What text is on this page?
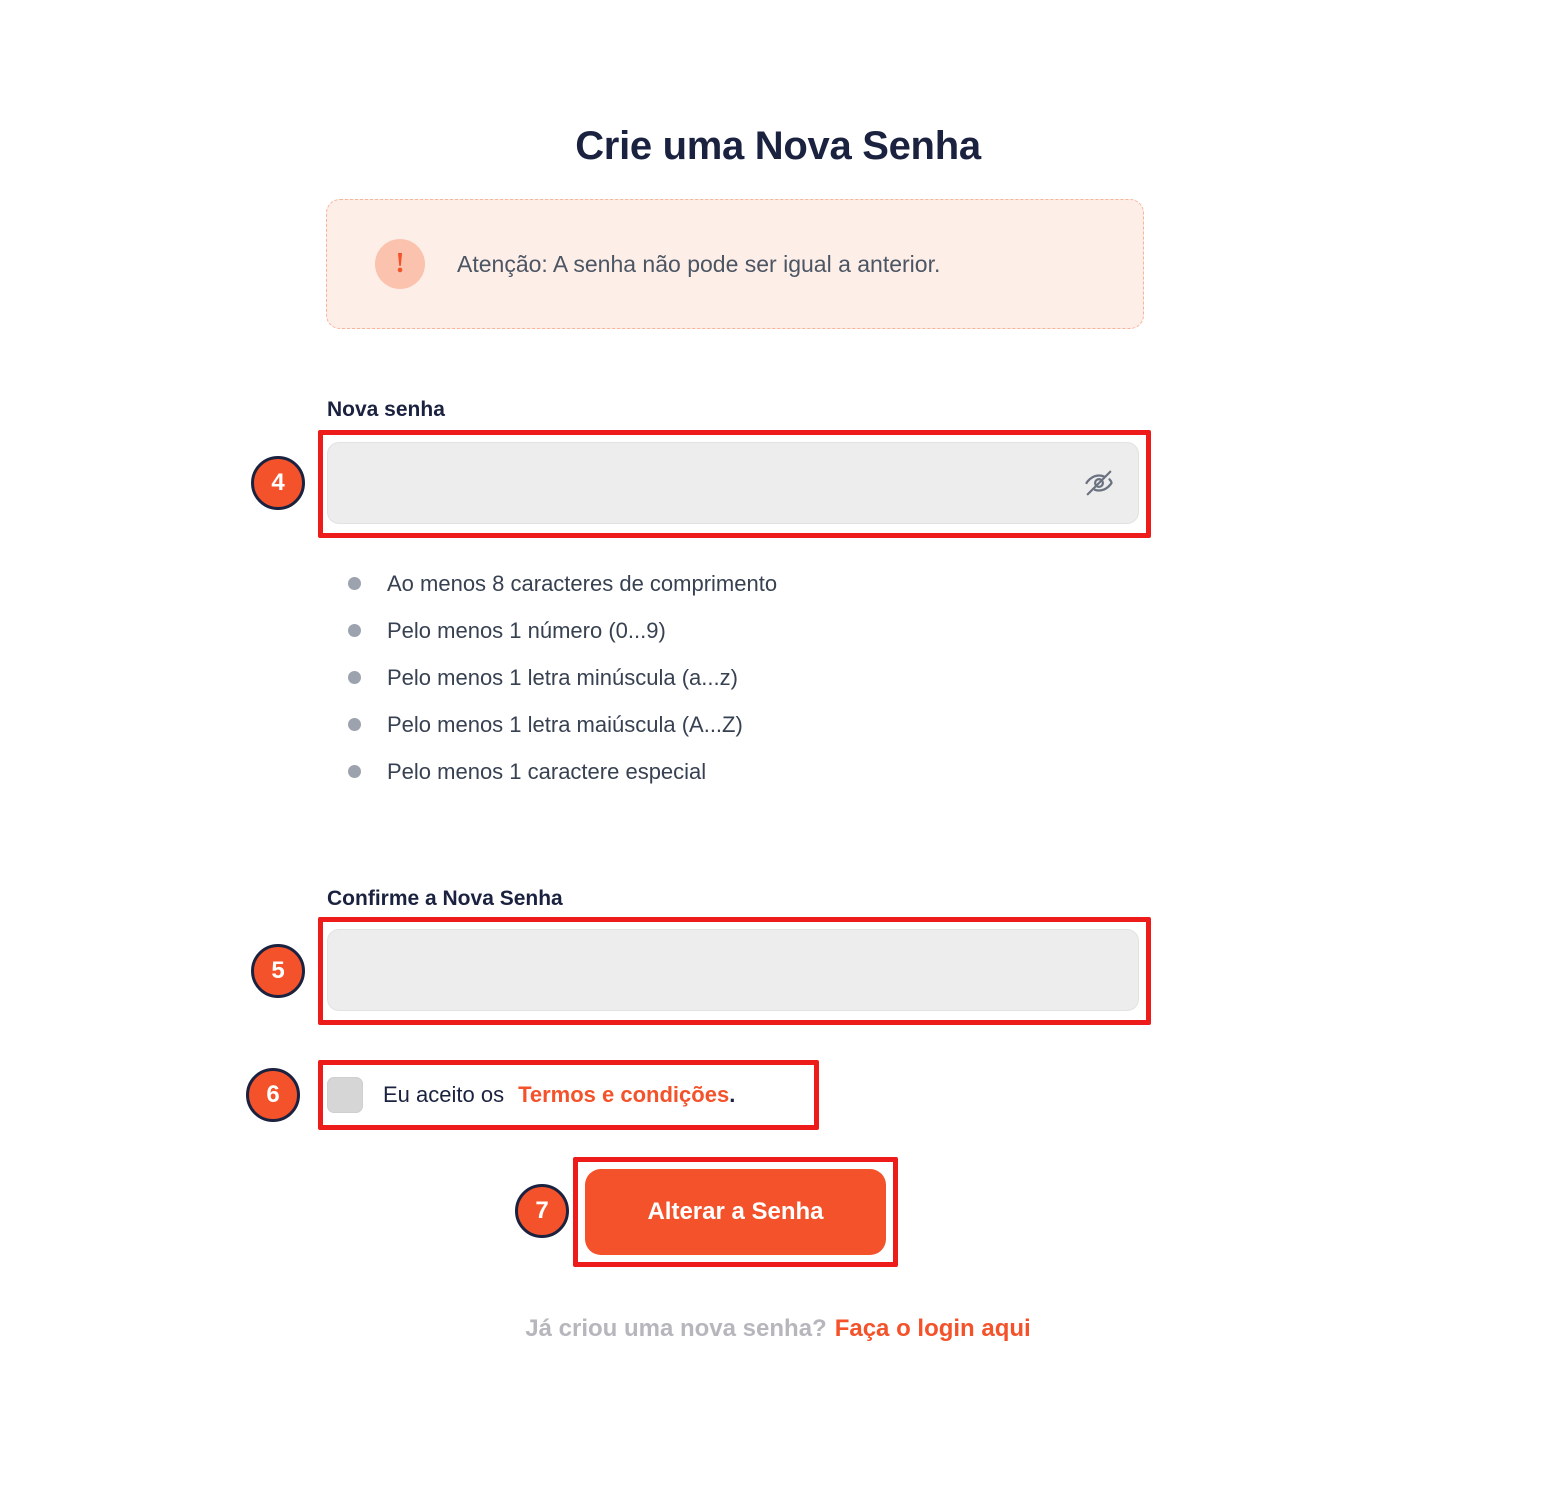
Crie uma Nova Senha
!	Atenção: A senha não pode ser igual a anterior.
Nova senha
Ao menos 8 caracteres de comprimento
Pelo menos 1 número (0...9)
Pelo menos 1 letra minúscula (a...z)
Pelo menos 1 letra maiúscula (A...Z)
Pelo menos 1 caractere especial
Confirme a Nova Senha
Eu aceito os Termos e condições .
Alterar a Senha
Já criou uma nova senha? Faça o login aqui
4
5
6
7
